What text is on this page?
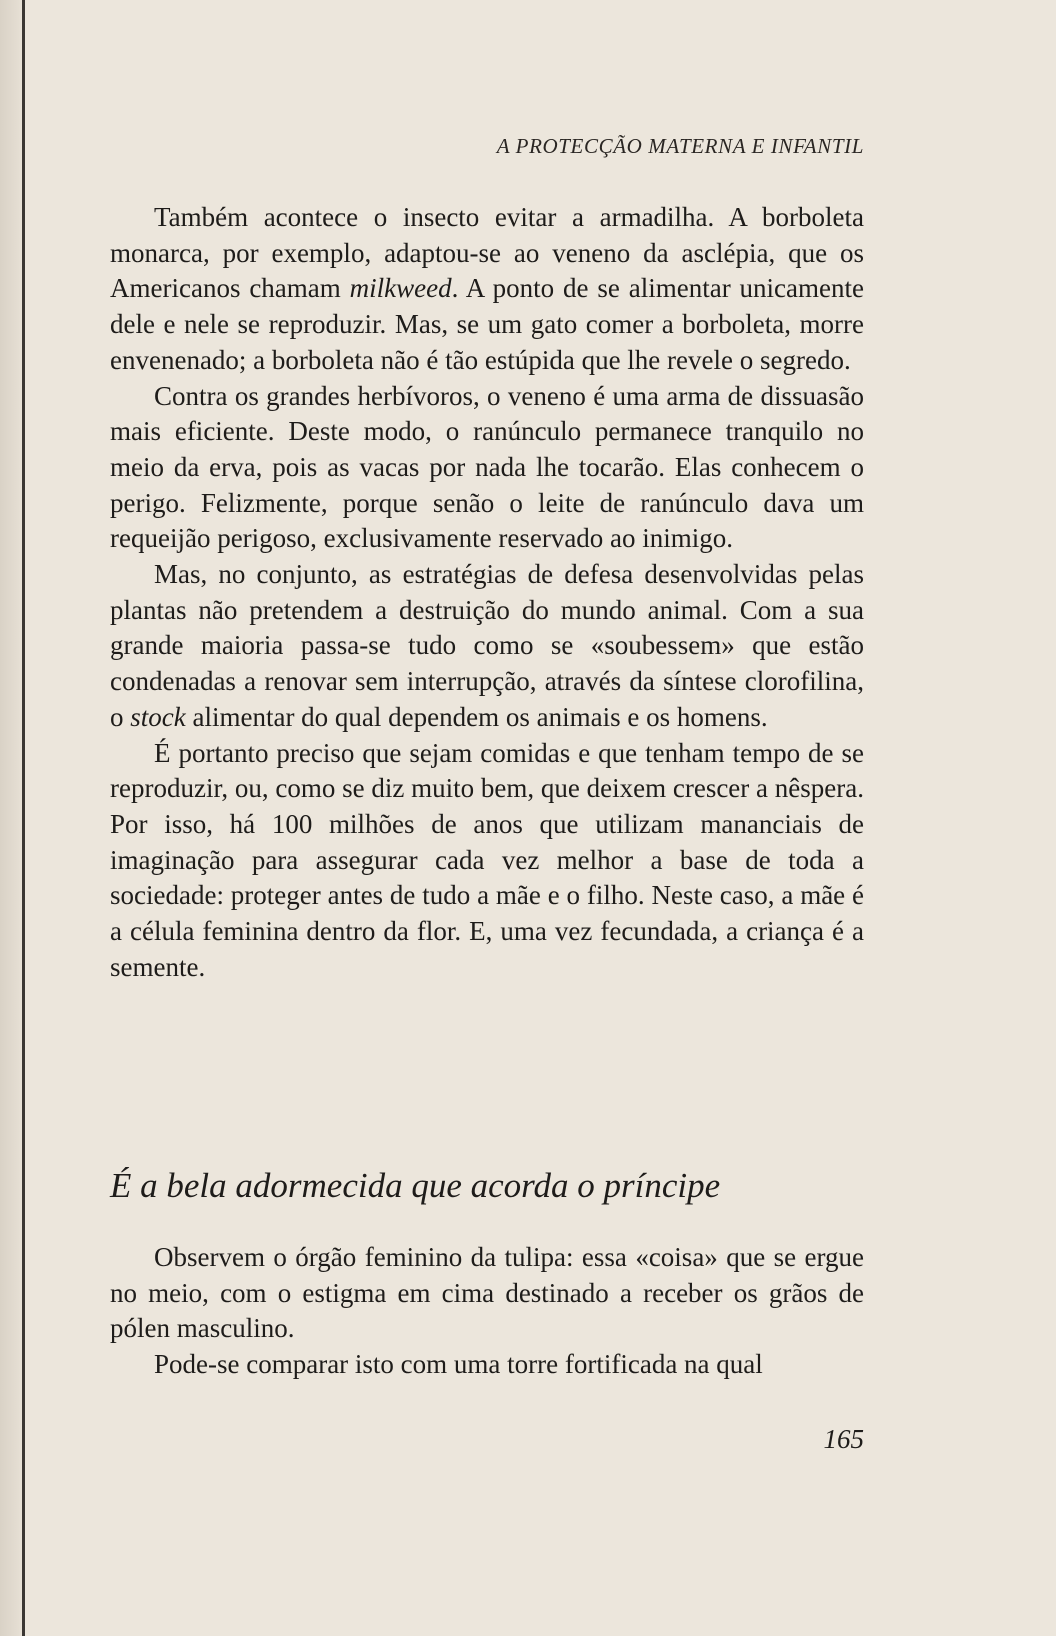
A PROTECÇÃO MATERNA E INFANTIL

Também acontece o insecto evitar a armadilha. A borboleta monarca, por exemplo, adaptou-se ao veneno da asclépia, que os Americanos chamam milkweed. A ponto de se alimentar unicamente dele e nele se reproduzir. Mas, se um gato comer a borboleta, morre envenenado; a borboleta não é tão estúpida que lhe revele o segredo.

Contra os grandes herbívoros, o veneno é uma arma de dissuasão mais eficiente. Deste modo, o ranúnculo permanece tranquilo no meio da erva, pois as vacas por nada lhe tocarão. Elas conhecem o perigo. Felizmente, porque senão o leite de ranúnculo dava um requeijão perigoso, exclusivamente reservado ao inimigo.

Mas, no conjunto, as estratégias de defesa desenvolvidas pelas plantas não pretendem a destruição do mundo animal. Com a sua grande maioria passa-se tudo como se «soubessem» que estão condenadas a renovar sem interrupção, através da síntese clorofilina, o stock alimentar do qual dependem os animais e os homens.

É portanto preciso que sejam comidas e que tenham tempo de se reproduzir, ou, como se diz muito bem, que deixem crescer a nêspera. Por isso, há 100 milhões de anos que utilizam mananciais de imaginação para assegurar cada vez melhor a base de toda a sociedade: proteger antes de tudo a mãe e o filho. Neste caso, a mãe é a célula feminina dentro da flor. E, uma vez fecundada, a criança é a semente.

É a bela adormecida que acorda o príncipe

Observem o órgão feminino da tulipa: essa «coisa» que se ergue no meio, com o estigma em cima destinado a receber os grãos de pólen masculino.

Pode-se comparar isto com uma torre fortificada na qual

165
